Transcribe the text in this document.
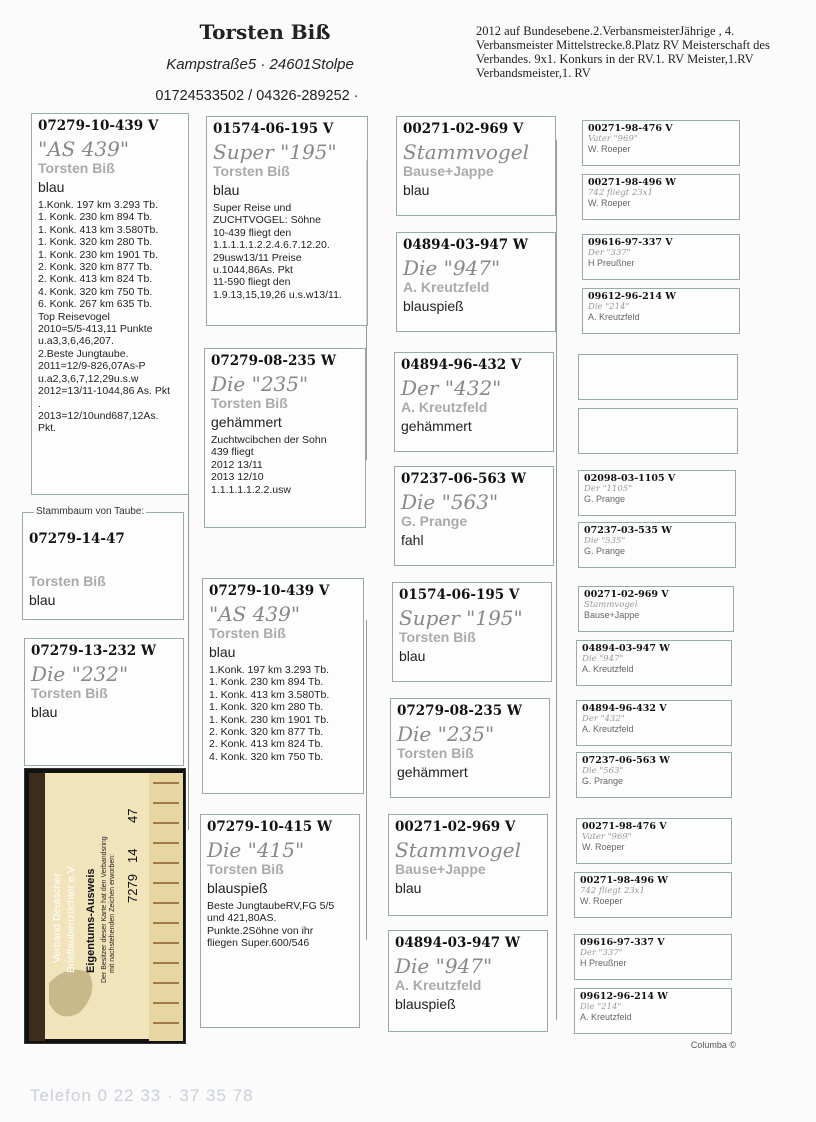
Torsten Biß
Kampstraße5 · 24601Stolpe
01724533502 / 04326-289252 ·
2012 auf Bundesebene.2.VerbansmeisterJährige , 4. Verbansmeister Mittelstrecke.8.Platz RV Meisterschaft des Verbandes. 9x1. Konkurs in der RV.1. RV Meister,1.RV Verbandsmeister,1. RV
07279-10-439 V
"AS 439"
Torsten Biß
blau
1.Konk. 197 km 3.293 Tb.
1. Konk. 230 km 894 Tb.
1. Konk. 413 km 3.580Tb.
1. Konk. 320 km 280 Tb.
1. Konk. 230 km 1901 Tb.
2. Konk. 320 km 877 Tb.
2. Konk. 413 km 824 Tb.
4. Konk. 320 km 750 Tb.
6. Konk. 267 km 635 Tb.
Top Reisevogel
2010=5/5-413,11 Punkte
u.a3,3,6,46,207.
2.Beste Jungtaube.
2011=12/9-826,07As-P
u.a2,3,6,7,12,29u.s.w
2012=13/11-1044,86 As. Pkt
.
2013=12/10und687,12As.
Pkt.
07279-14-47
Torsten Biß
blau
Stammbaum von Taube:
07279-13-232 W
Die "232"
Torsten Biß
blau
01574-06-195 V
Super "195"
Torsten Biß
blau
Super Reise und
ZUCHTVOGEL: Söhne
10-439 fliegt den
1.1.1.1.1.2.2.4.6.7.12.20.
29usw13/11 Preise
u.1044,86As. Pkt
11-590 fliegt den
1.9.13,15,19,26 u.s.w13/11.
07279-08-235 W
Die "235"
Torsten Biß
gehämmert
Zuchtwcibchen der Sohn
439 fliegt
2012 13/11
2013 12/10
1.1.1.1.1.2.2.usw
00271-02-969 V
Stammvogel
Bause+Jappe
blau
04894-03-947 W
Die "947"
A. Kreutzfeld
blauspieß
04894-96-432 V
Der "432"
A. Kreutzfeld
gehämmert
07237-06-563 W
Die "563"
G. Prange
fahl
00271-98-476 V
Vater "969"
W. Roeper
00271-98-496 W
742 fliegt 23x1
W. Roeper
09616-97-337 V
Der "337"
H Preußner
09612-96-214 W
Die "214"
A. Kreutzfeld
02098-03-1105 V
Der "1105"
G. Prange
07237-03-535 W
Die "535"
G. Prange
07279-10-439 V
"AS 439"
Torsten Biß
blau
1.Konk. 197 km 3.293 Tb.
1. Konk. 230 km 894 Tb.
1. Konk. 413 km 3.580Tb.
1. Konk. 320 km 280 Tb.
1. Konk. 230 km 1901 Tb.
2. Konk. 320 km 877 Tb.
2. Konk. 413 km 824 Tb.
4. Konk. 320 km 750 Tb.
07279-10-415 W
Die "415"
Torsten Biß
blauspieß
Beste JungtaubeRV,FG 5/5
und 421,80AS.
Punkte.2Söhne von ihr
fliegen Super.600/546
01574-06-195 V
Super "195"
Torsten Biß
blau
07279-08-235 W
Die "235"
Torsten Biß
gehämmert
00271-02-969 V
Stammvogel
Bause+Jappe
blau
04894-03-947 W
Die "947"
A. Kreutzfeld
blauspieß
00271-02-969 V
Stammvogel
Bause+Jappe
04894-03-947 W
Die "947"
A. Kreutzfeld
04894-96-432 V
Der "432"
A. Kreutzfeld
07237-06-563 W
Die "563"
G. Prange
00271-98-476 V
Vater "969"
W. Roeper
00271-98-496 W
742 fliegt 23x1
W. Roeper
09616-97-337 V
Der "337"
H Preußner
09612-96-214 W
Die "214"
A. Kreutzfeld
Verband Deutscher Brieftaubenzüchter e.V. Eigentums-Ausweis Der Besitzer dieser Karte hat den Verbandsring mit nachstehenden Zeichen erworben: 7279
14
47
Columba ©
Telefon 0 22 33 · 37 35 78
